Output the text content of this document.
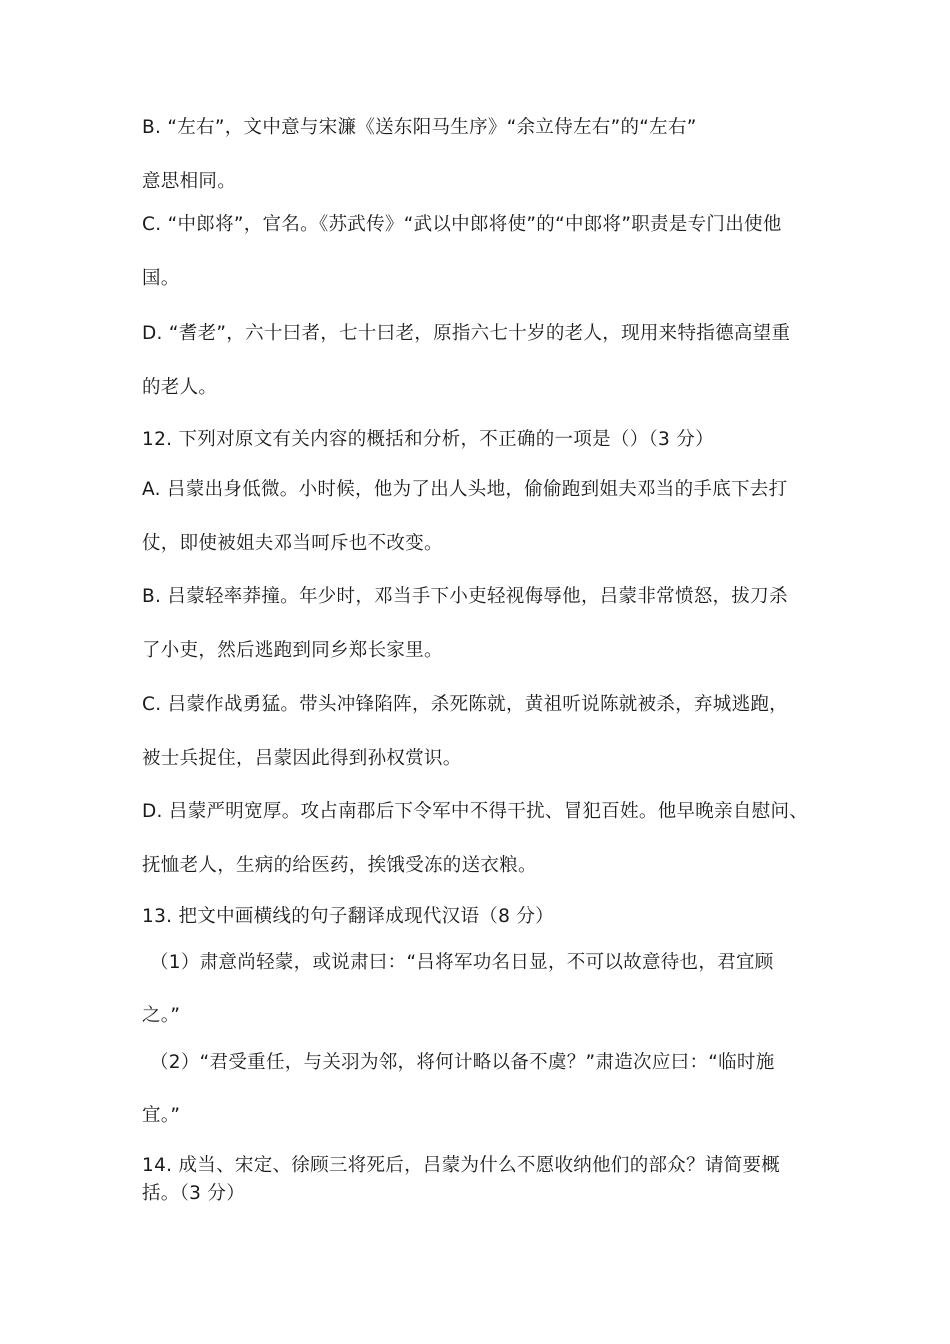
B. “左右”，文中意与宋濂《送东阳马生序》“余立侍左右”的“左右”
意思相同。
C. “中郎将”，官名。《苏武传》“武以中郎将使”的“中郎将”职责是专门出使他
国。
D. “耆老”，六十曰者，七十曰老，原指六七十岁的老人，现用来特指德高望重
的老人。
12. 下列对原文有关内容的概括和分析，不正确的一项是（）（3 分）
A. 吕蒙出身低微。小时候，他为了出人头地，偷偷跑到姐夫邓当的手底下去打
仗，即使被姐夫邓当呵斥也不改变。
B. 吕蒙轻率莽撞。年少时，邓当手下小吏轻视侮辱他，吕蒙非常愤怒，拔刀杀
了小吏，然后逃跑到同乡郑长家里。
C. 吕蒙作战勇猛。带头冲锋陷阵，杀死陈就，黄祖听说陈就被杀，弃城逃跑，
被士兵捉住，吕蒙因此得到孙权赏识。
D. 吕蒙严明宽厚。攻占南郡后下令军中不得干扰、冒犯百姓。他早晚亲自慰问、
抚恤老人，生病的给医药，挨饿受冻的送衣粮。
13. 把文中画横线的句子翻译成现代汉语（8 分）
（1）肃意尚轻蒙，或说肃曰：“吕将军功名日显，不可以故意待也，君宜顾
之。”
（2）“君受重任，与关羽为邻，将何计略以备不虞？”肃造次应曰：“临时施
宜。”
14. 成当、宋定、徐顾三将死后，吕蒙为什么不愿收纳他们的部众？请简要概
括。（3 分）
